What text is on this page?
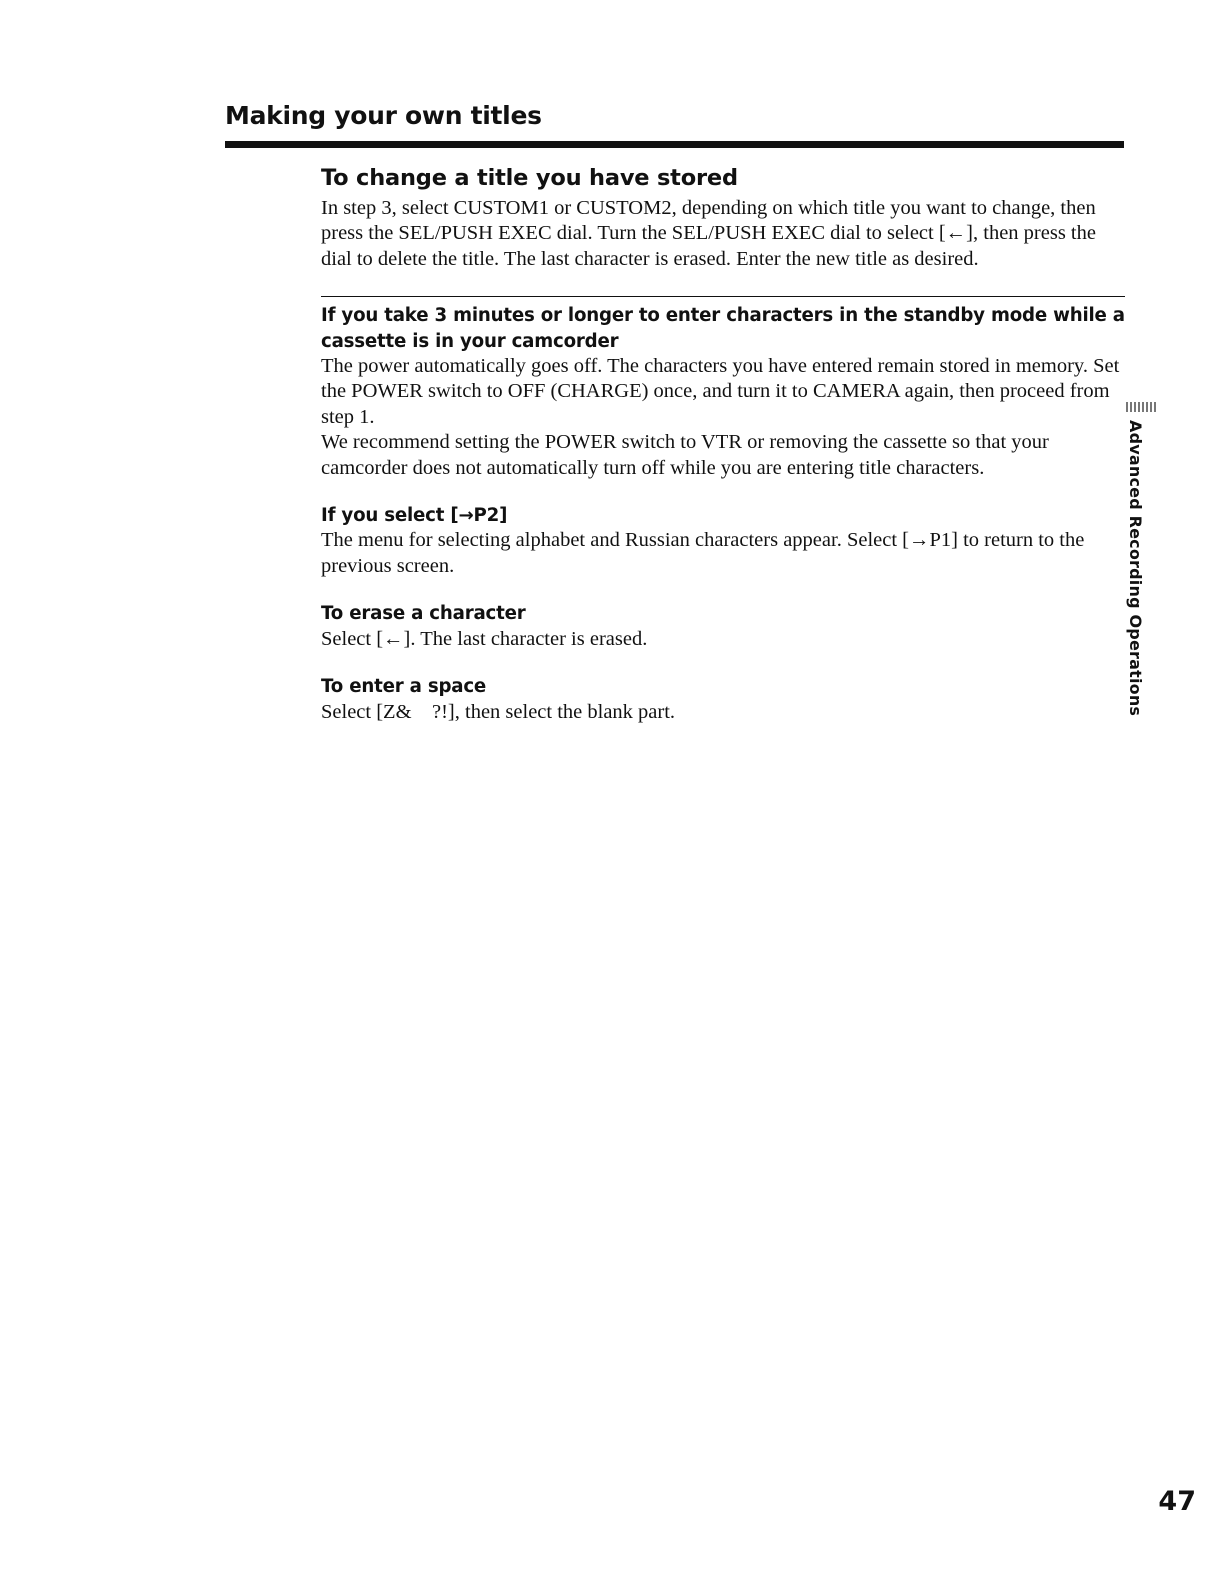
Making your own titles
To change a title you have stored

In step 3, select CUSTOM1 or CUSTOM2, depending on which title you want to change, then press the SEL/PUSH EXEC dial. Turn the SEL/PUSH EXEC dial to select [←], then press the dial to delete the title. The last character is erased. Enter the new title as desired.

If you take 3 minutes or longer to enter characters in the standby mode while a cassette is in your camcorder

The power automatically goes off. The characters you have entered remain stored in memory. Set the POWER switch to OFF (CHARGE) once, and turn it to CAMERA again, then proceed from step 1.

We recommend setting the POWER switch to VTR or removing the cassette so that your camcorder does not automatically turn off while you are entering title characters.

If you select [→P2]

The menu for selecting alphabet and Russian characters appear. Select [→P1] to return to the previous screen.

To erase a character

Select [←]. The last character is erased.

To enter a space

Select [Z&    ?!], then select the blank part.	Advanced Recording Operations

47
